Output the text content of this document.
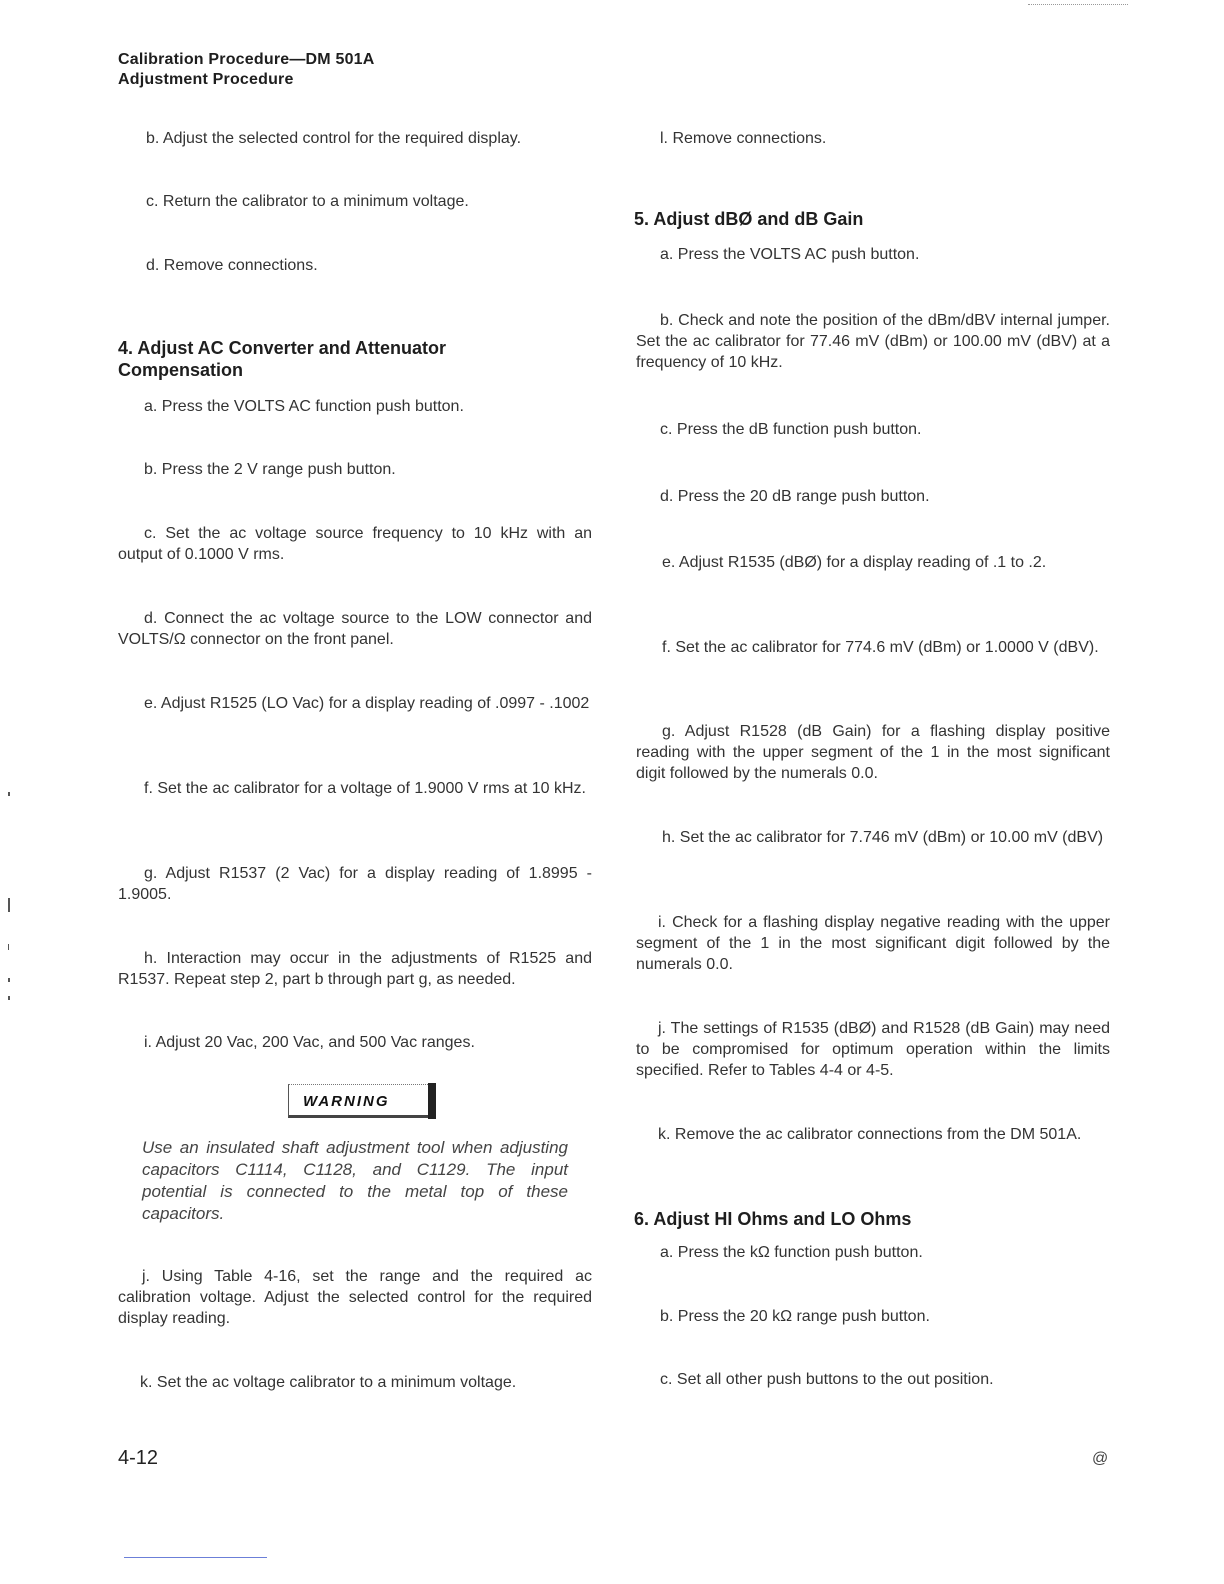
Calibration Procedure—DM 501A
Adjustment Procedure
b. Adjust the selected control for the required display.
c. Return the calibrator to a minimum voltage.
d. Remove connections.
4. Adjust AC Converter and Attenuator Compensation
a. Press the VOLTS AC function push button.
b. Press the 2 V range push button.
c. Set the ac voltage source frequency to 10 kHz with an output of 0.1000 V rms.
d. Connect the ac voltage source to the LOW connector and VOLTS/Ω connector on the front panel.
e. Adjust R1525 (LO Vac) for a display reading of .0997 - .1002
f. Set the ac calibrator for a voltage of 1.9000 V rms at 10 kHz.
g. Adjust R1537 (2 Vac) for a display reading of 1.8995 - 1.9005.
h. Interaction may occur in the adjustments of R1525 and R1537. Repeat step 2, part b through part g, as needed.
i. Adjust 20 Vac, 200 Vac, and 500 Vac ranges.
WARNING
Use an insulated shaft adjustment tool when adjusting capacitors C1114, C1128, and C1129. The input potential is connected to the metal top of these capacitors.
j. Using Table 4-16, set the range and the required ac calibration voltage. Adjust the selected control for the required display reading.
k. Set the ac voltage calibrator to a minimum voltage.
l. Remove connections.
5. Adjust dBØ and dB Gain
a. Press the VOLTS AC push button.
b. Check and note the position of the dBm/dBV internal jumper. Set the ac calibrator for 77.46 mV (dBm) or 100.00 mV (dBV) at a frequency of 10 kHz.
c. Press the dB function push button.
d. Press the 20 dB range push button.
e. Adjust R1535 (dBØ) for a display reading of .1 to .2.
f. Set the ac calibrator for 774.6 mV (dBm) or 1.0000 V (dBV).
g. Adjust R1528 (dB Gain) for a flashing display positive reading with the upper segment of the 1 in the most significant digit followed by the numerals 0.0.
h. Set the ac calibrator for 7.746 mV (dBm) or 10.00 mV (dBV)
i. Check for a flashing display negative reading with the upper segment of the 1 in the most significant digit followed by the numerals 0.0.
j. The settings of R1535 (dBØ) and R1528 (dB Gain) may need to be compromised for optimum operation within the limits specified. Refer to Tables 4-4 or 4-5.
k. Remove the ac calibrator connections from the DM 501A.
6. Adjust HI Ohms and LO Ohms
a. Press the kΩ function push button.
b. Press the 20 kΩ range push button.
c. Set all other push buttons to the out position.
4-12	@
